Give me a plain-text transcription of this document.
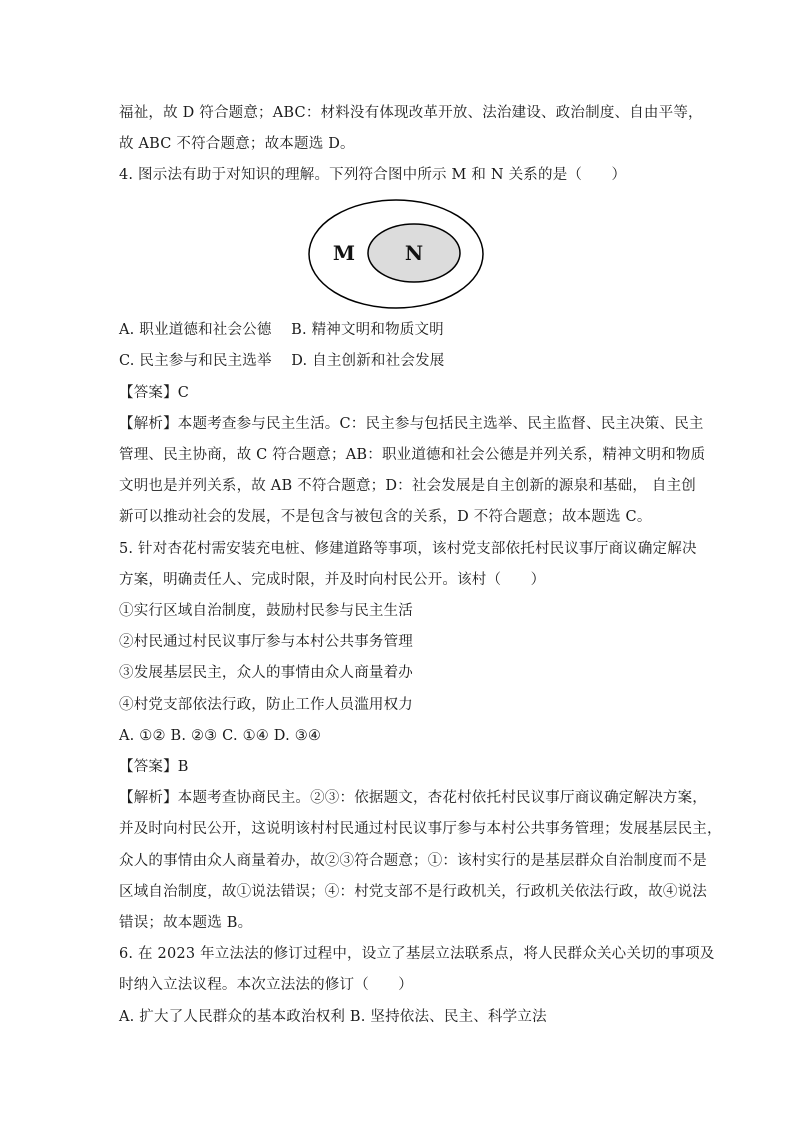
福祉，故 D 符合题意；ABC：材料没有体现改革开放、法治建设、政治制度、自由平等，
故 ABC 不符合题意；故本题选 D。
4. 图示法有助于对知识的理解。下列符合图中所示 M 和 N 关系的是（　　）
M N
A. 职业道德和社会公德　 B. 精神文明和物质文明
C. 民主参与和民主选举　 D. 自主创新和社会发展
【答案】C
【解析】本题考查参与民主生活。C：民主参与包括民主选举、民主监督、民主决策、民主
管理、民主协商，故 C 符合题意；AB：职业道德和社会公德是并列关系，精神文明和物质
文明也是并列关系，故 AB 不符合题意；D：社会发展是自主创新的源泉和基础， 自主创
新可以推动社会的发展，不是包含与被包含的关系，D 不符合题意；故本题选 C。
5. 针对杏花村需安装充电桩、修建道路等事项，该村党支部依托村民议事厅商议确定解决
方案，明确责任人、完成时限，并及时向村民公开。该村（　　）
①实行区域自治制度，鼓励村民参与民主生活
②村民通过村民议事厅参与本村公共事务管理
③发展基层民主，众人的事情由众人商量着办
④村党支部依法行政，防止工作人员滥用权力
A. ①② B. ②③ C. ①④ D. ③④
【答案】B
【解析】本题考查协商民主。②③：依据题文，杏花村依托村民议事厅商议确定解决方案，
并及时向村民公开，这说明该村村民通过村民议事厅参与本村公共事务管理；发展基层民主，
众人的事情由众人商量着办，故②③符合题意；①：该村实行的是基层群众自治制度而不是
区域自治制度，故①说法错误；④：村党支部不是行政机关，行政机关依法行政，故④说法
错误；故本题选 B。
6. 在 2023 年立法法的修订过程中，设立了基层立法联系点，将人民群众关心关切的事项及
时纳入立法议程。本次立法法的修订（　　）
A. 扩大了人民群众的基本政治权利 B. 坚持依法、民主、科学立法
